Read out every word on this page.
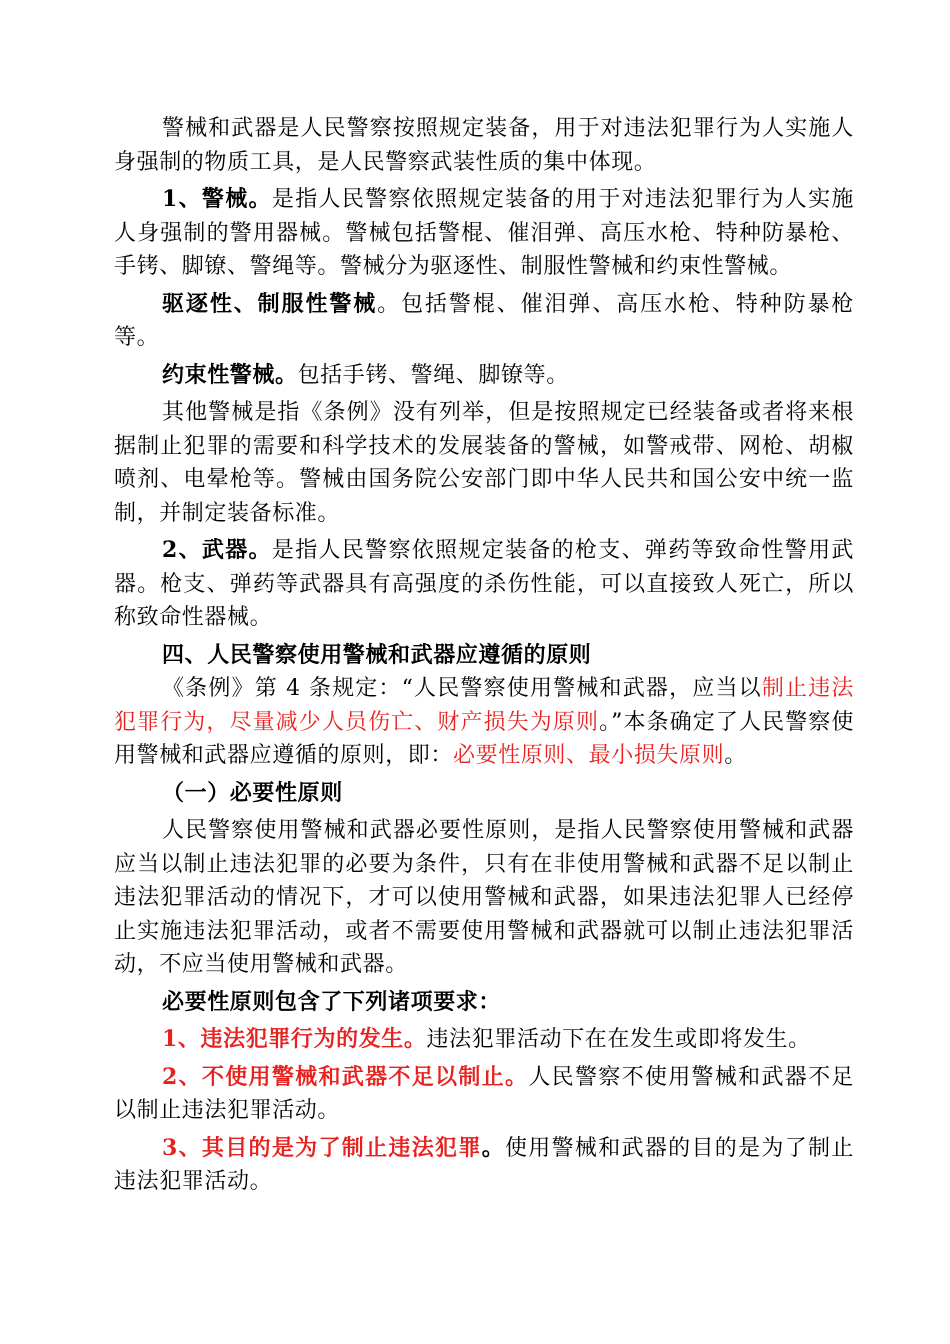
警械和武器是人民警察按照规定装备，用于对违法犯罪行为人实施人身强制的物质工具，是人民警察武装性质的集中体现。

1、警械。是指人民警察依照规定装备的用于对违法犯罪行为人实施人身强制的警用器械。警械包括警棍、催泪弹、高压水枪、特种防暴枪、手铐、脚镣、警绳等。警械分为驱逐性、制服性警械和约束性警械。

驱逐性、制服性警械。包括警棍、催泪弹、高压水枪、特种防暴枪等。

约束性警械。包括手铐、警绳、脚镣等。

其他警械是指《条例》没有列举，但是按照规定已经装备或者将来根据制止犯罪的需要和科学技术的发展装备的警械，如警戒带、网枪、胡椒喷剂、电晕枪等。警械由国务院公安部门即中华人民共和国公安中统一监制，并制定装备标准。

2、武器。是指人民警察依照规定装备的枪支、弹药等致命性警用武器。枪支、弹药等武器具有高强度的杀伤性能，可以直接致人死亡，所以称致命性器械。

四、人民警察使用警械和武器应遵循的原则

《条例》第 4 条规定：“人民警察使用警械和武器，应当以制止违法犯罪行为，尽量减少人员伤亡、财产损失为原则。”本条确定了人民警察使用警械和武器应遵循的原则，即：必要性原则、最小损失原则。

（一）必要性原则

人民警察使用警械和武器必要性原则，是指人民警察使用警械和武器应当以制止违法犯罪的必要为条件，只有在非使用警械和武器不足以制止违法犯罪活动的情况下，才可以使用警械和武器，如果违法犯罪人已经停止实施违法犯罪活动，或者不需要使用警械和武器就可以制止违法犯罪活动，不应当使用警械和武器。

必要性原则包含了下列诸项要求：

1、违法犯罪行为的发生。违法犯罪活动下在在发生或即将发生。

2、不使用警械和武器不足以制止。人民警察不使用警械和武器不足以制止违法犯罪活动。

3、其目的是为了制止违法犯罪。使用警械和武器的目的是为了制止违法犯罪活动。
